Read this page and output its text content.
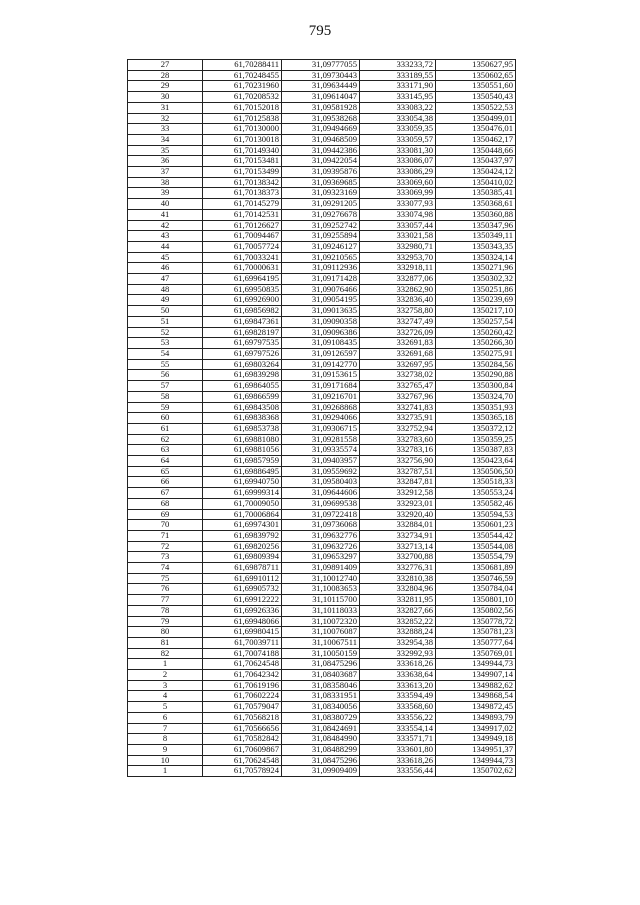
795
27	61,70288411	31,09777055	333233,72	1350627,95
28	61,70248455	31,09730443	333189,55	1350602,65
29	61,70231960	31,09634449	333171,90	1350551,60
30	61,70208532	31,09614047	333145,95	1350540,43
31	61,70152018	31,09581928	333083,22	1350522,53
32	61,70125838	31,09538268	333054,38	1350499,01
33	61,70130000	31,09494669	333059,35	1350476,01
34	61,70130018	31,09468509	333059,57	1350462,17
35	61,70149340	31,09442386	333081,30	1350448,66
36	61,70153481	31,09422054	333086,07	1350437,97
37	61,70153499	31,09395876	333086,29	1350424,12
38	61,70138342	31,09369685	333069,60	1350410,02
39	61,70138373	31,09323169	333069,99	1350385,41
40	61,70145279	31,09291205	333077,93	1350368,61
41	61,70142531	31,09276678	333074,98	1350360,88
42	61,70126627	31,09252742	333057,44	1350347,96
43	61,70094467	31,09255894	333021,58	1350349,11
44	61,70057724	31,09246127	332980,71	1350343,35
45	61,70033241	31,09210565	332953,70	1350324,14
46	61,70000631	31,09112936	332918,11	1350271,96
47	61,69964195	31,09171428	332877,06	1350302,32
48	61,69950835	31,09076466	332862,90	1350251,86
49	61,69926900	31,09054195	332836,40	1350239,69
50	61,69856982	31,09013635	332758,80	1350217,10
51	61,69847361	31,09090358	332747,49	1350257,54
52	61,69828197	31,09096386	332726,09	1350260,42
53	61,69797535	31,09108435	332691,83	1350266,30
54	61,69797526	31,09126597	332691,68	1350275,91
55	61,69803264	31,09142770	332697,95	1350284,56
56	61,69839298	31,09153615	332738,02	1350290,88
57	61,69864055	31,09171684	332765,47	1350300,84
58	61,69866599	31,09216701	332767,96	1350324,70
59	61,69843508	31,09268868	332741,83	1350351,93
60	61,69838368	31,09294066	332735,91	1350365,18
61	61,69853738	31,09306715	332752,94	1350372,12
62	61,69881080	31,09281558	332783,60	1350359,25
63	61,69881056	31,09335574	332783,16	1350387,83
64	61,69857959	31,09403957	332756,90	1350423,64
65	61,69886495	31,09559692	332787,51	1350506,50
66	61,69940750	31,09580403	332847,81	1350518,33
67	61,69999314	31,09644606	332912,58	1350553,24
68	61,70009050	31,09699538	332923,01	1350582,46
69	61,70006864	31,09722418	332920,40	1350594,53
70	61,69974301	31,09736068	332884,01	1350601,23
71	61,69839792	31,09632776	332734,91	1350544,42
72	61,69820256	31,09632726	332713,14	1350544,08
73	61,69809394	31,09653297	332700,88	1350554,79
74	61,69878711	31,09891409	332776,31	1350681,89
75	61,69910112	31,10012740	332810,38	1350746,59
76	61,69905732	31,10083653	332804,96	1350784,04
77	61,69912222	31,10115700	332811,95	1350801,10
78	61,69926336	31,10118033	332827,66	1350802,56
79	61,69948066	31,10072320	332852,22	1350778,72
80	61,69980415	31,10076087	332888,24	1350781,23
81	61,70039711	31,10067511	332954,38	1350777,64
82	61,70074188	31,10050159	332992,93	1350769,01
1	61,70624548	31,08475296	333618,26	1349944,73
2	61,70642342	31,08403687	333638,64	1349907,14
3	61,70619196	31,08358046	333613,20	1349882,62
4	61,70602224	31,08331951	333594,49	1349868,54
5	61,70579047	31,08340056	333568,60	1349872,45
6	61,70568218	31,08380729	333556,22	1349893,79
7	61,70566656	31,08424691	333554,14	1349917,02
8	61,70582842	31,08484990	333571,71	1349949,18
9	61,70609867	31,08488299	333601,80	1349951,37
10	61,70624548	31,08475296	333618,26	1349944,73
1	61,70578924	31,09909409	333556,44	1350702,62
